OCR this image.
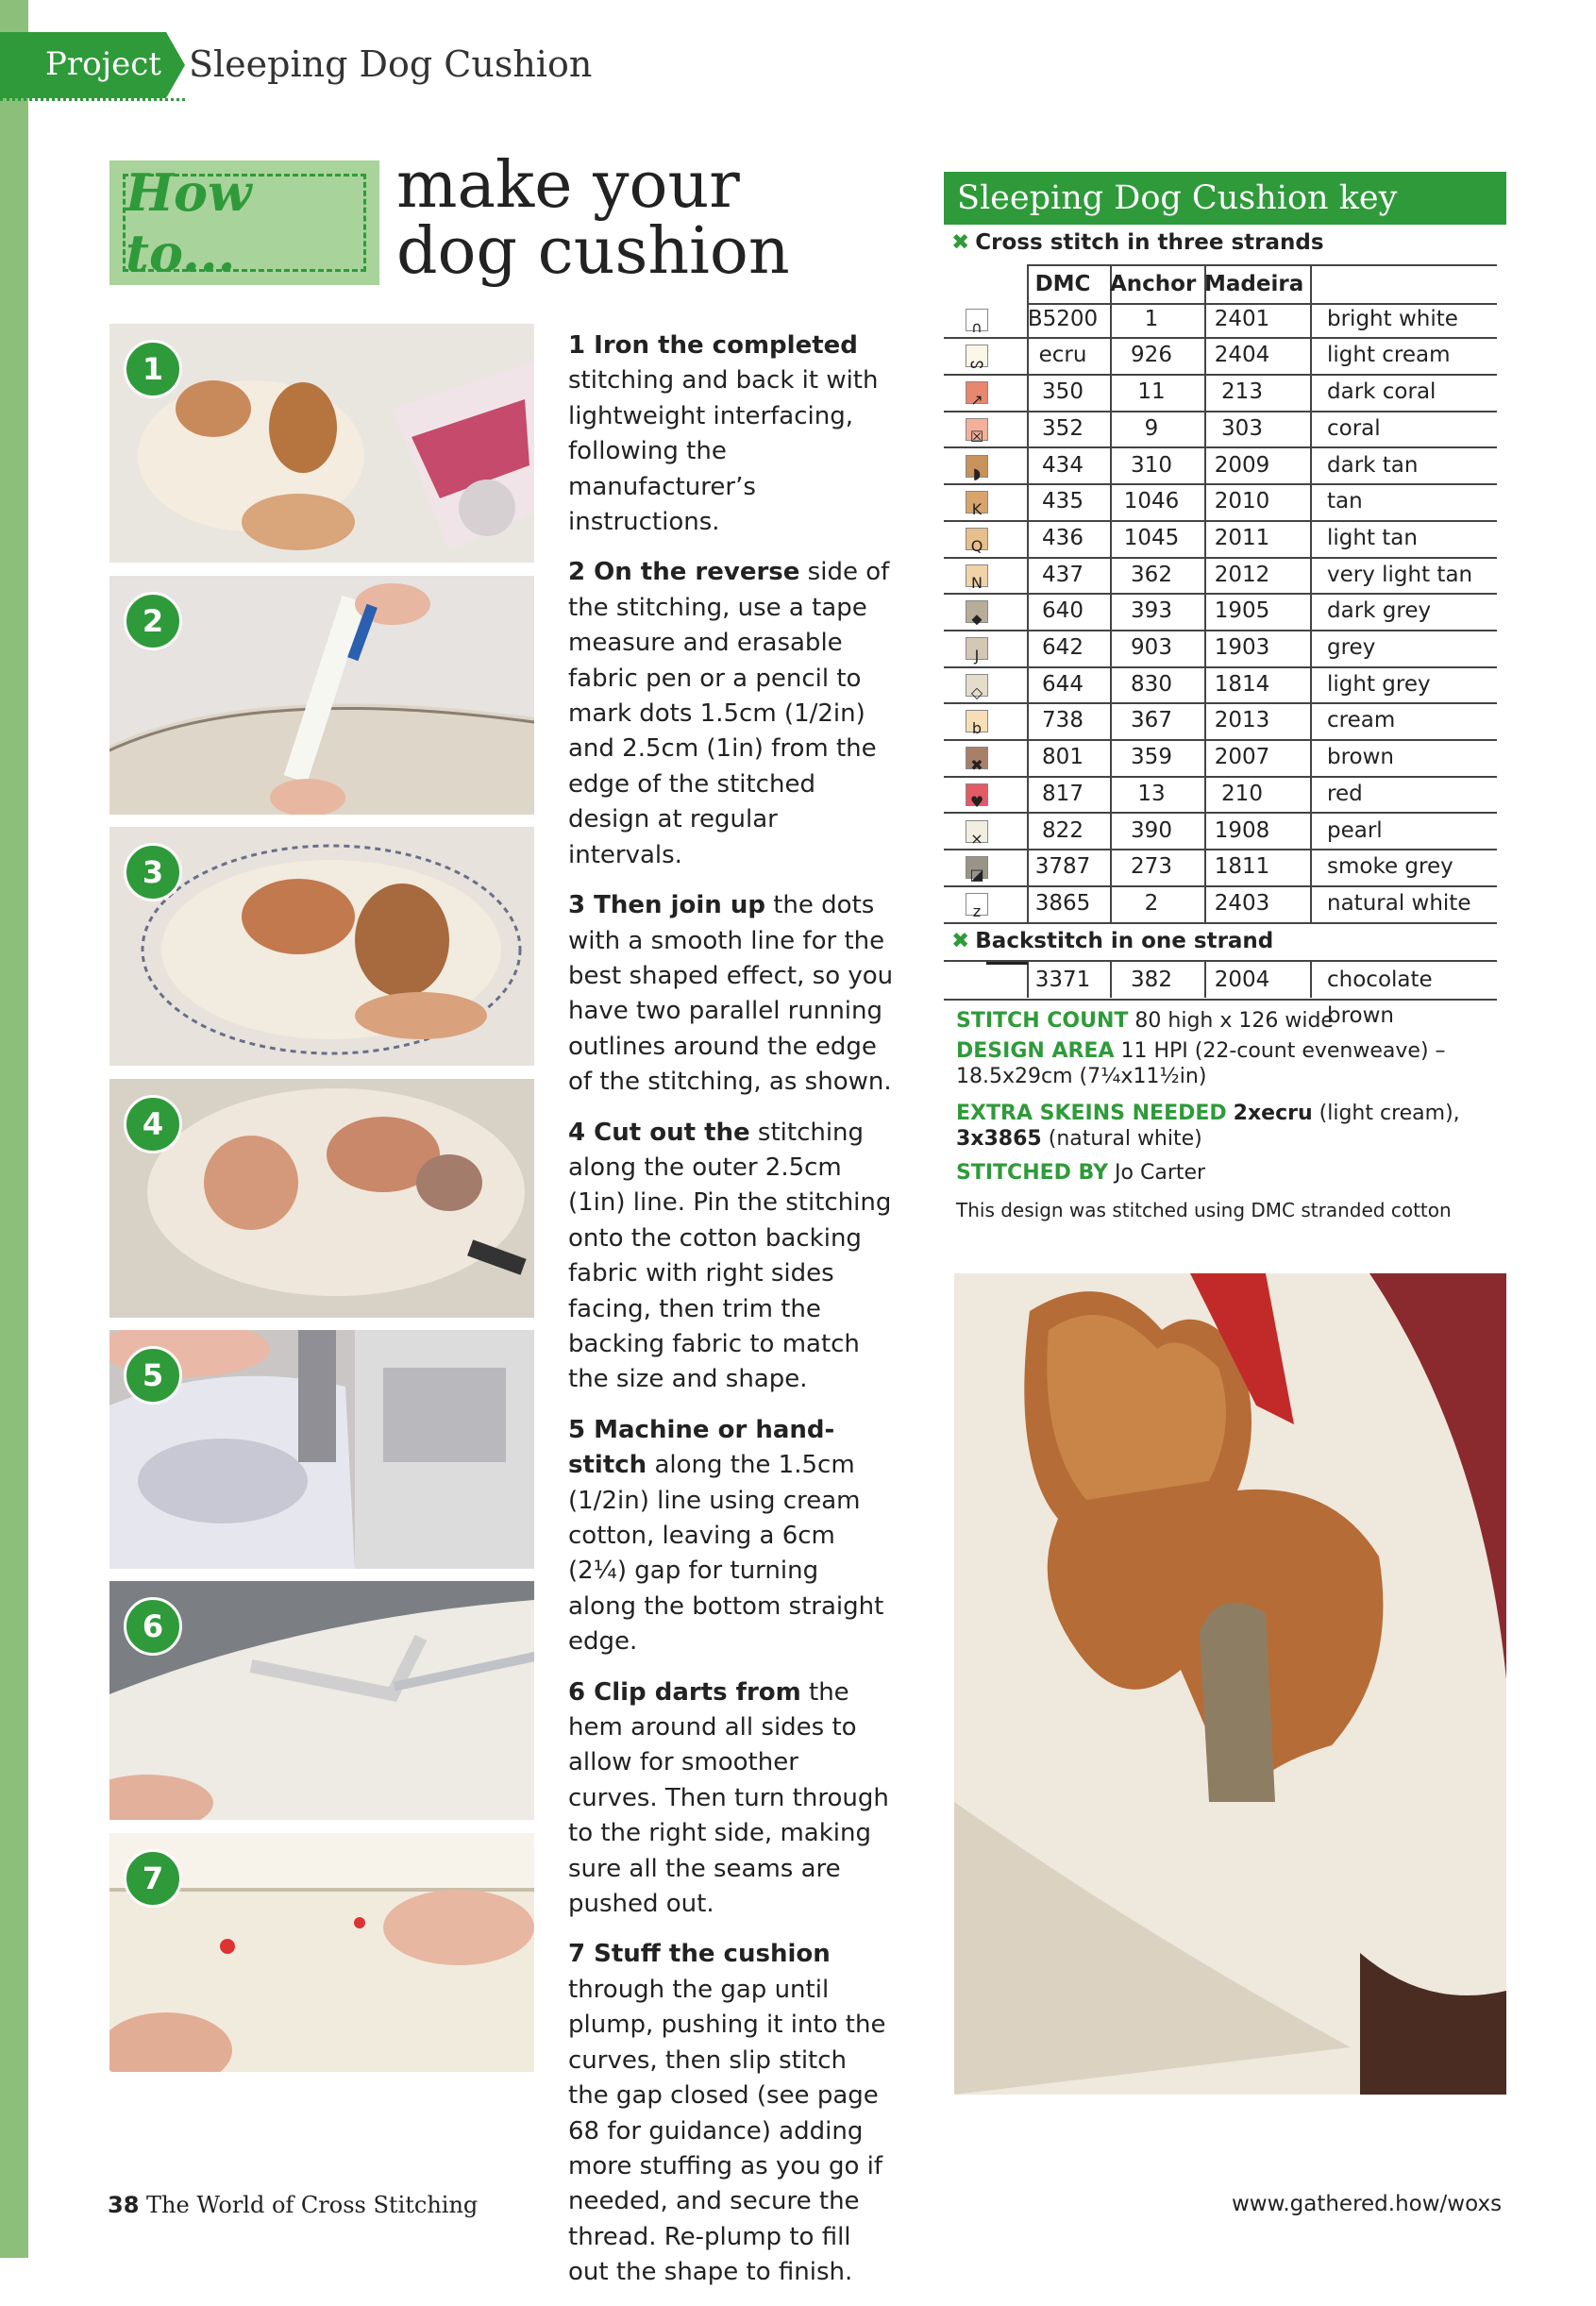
Project Sleeping Dog Cushion
How to...
make your
dog cushion
1
2
3
4
5
6
7
1 Iron the completed stitching and back it with lightweight interfacing, following the manufacturer’s instructions.
2 On the reverse side of the stitching, use a tape measure and erasable fabric pen or a pencil to mark dots 1.5cm (1/2in) and 2.5cm (1in) from the edge of the stitched design at regular intervals.
3 Then join up the dots with a smooth line for the best shaped effect, so you have two parallel running outlines around the edge of the stitching, as shown.
4 Cut out the stitching along the outer 2.5cm (1in) line. Pin the stitching onto the cotton backing fabric with right sides facing, then trim the backing fabric to match the size and shape.
5 Machine or hand-stitch along the 1.5cm (1/2in) line using cream cotton, leaving a 6cm (2¼) gap for turning along the bottom straight edge.
6 Clip darts from the hem around all sides to allow for smoother curves. Then turn through to the right side, making sure all the seams are pushed out.
7 Stuff the cushion through the gap until plump, pushing it into the curves, then slip stitch the gap closed (see page 68 for guidance) adding more stuffing as you go if needed, and secure the thread. Re-plump to fill out the shape to finish.
Sleeping Dog Cushion key
✖ Cross stitch in three strands
DMC Anchor Madeira
∩ B5200	1	2401	bright white
ᔕ	ecru	926	2404	light cream
↗	350	11	213	dark coral
☒	352	9	303	coral
◗	434	310	2009	dark tan
K	435	1046	2010	tan
Q	436	1045	2011	light tan
N	437	362	2012	very light tan
⬥	640	393	1905	dark grey
J	642	903	1903	grey
◇	644	830	1814	light grey
b	738	367	2013	cream
✖	801	359	2007	brown
♥	817	13	210	red
×	822	390	1908	pearl
◪	3787	273	1811	smoke grey
z	3865	2	2403	natural white
✖ Backstitch in one strand
3371	382	2004	chocolate brown
STITCH COUNT 80 high x 126 wide
DESIGN AREA 11 HPI (22-count evenweave) –
18.5x29cm (7¼x11½in)
EXTRA SKEINS NEEDED 2xecru (light cream),
3x3865 (natural white)
STITCHED BY Jo Carter
This design was stitched using DMC stranded cotton
38 The World of Cross Stitching	www.gathered.how/woxs
